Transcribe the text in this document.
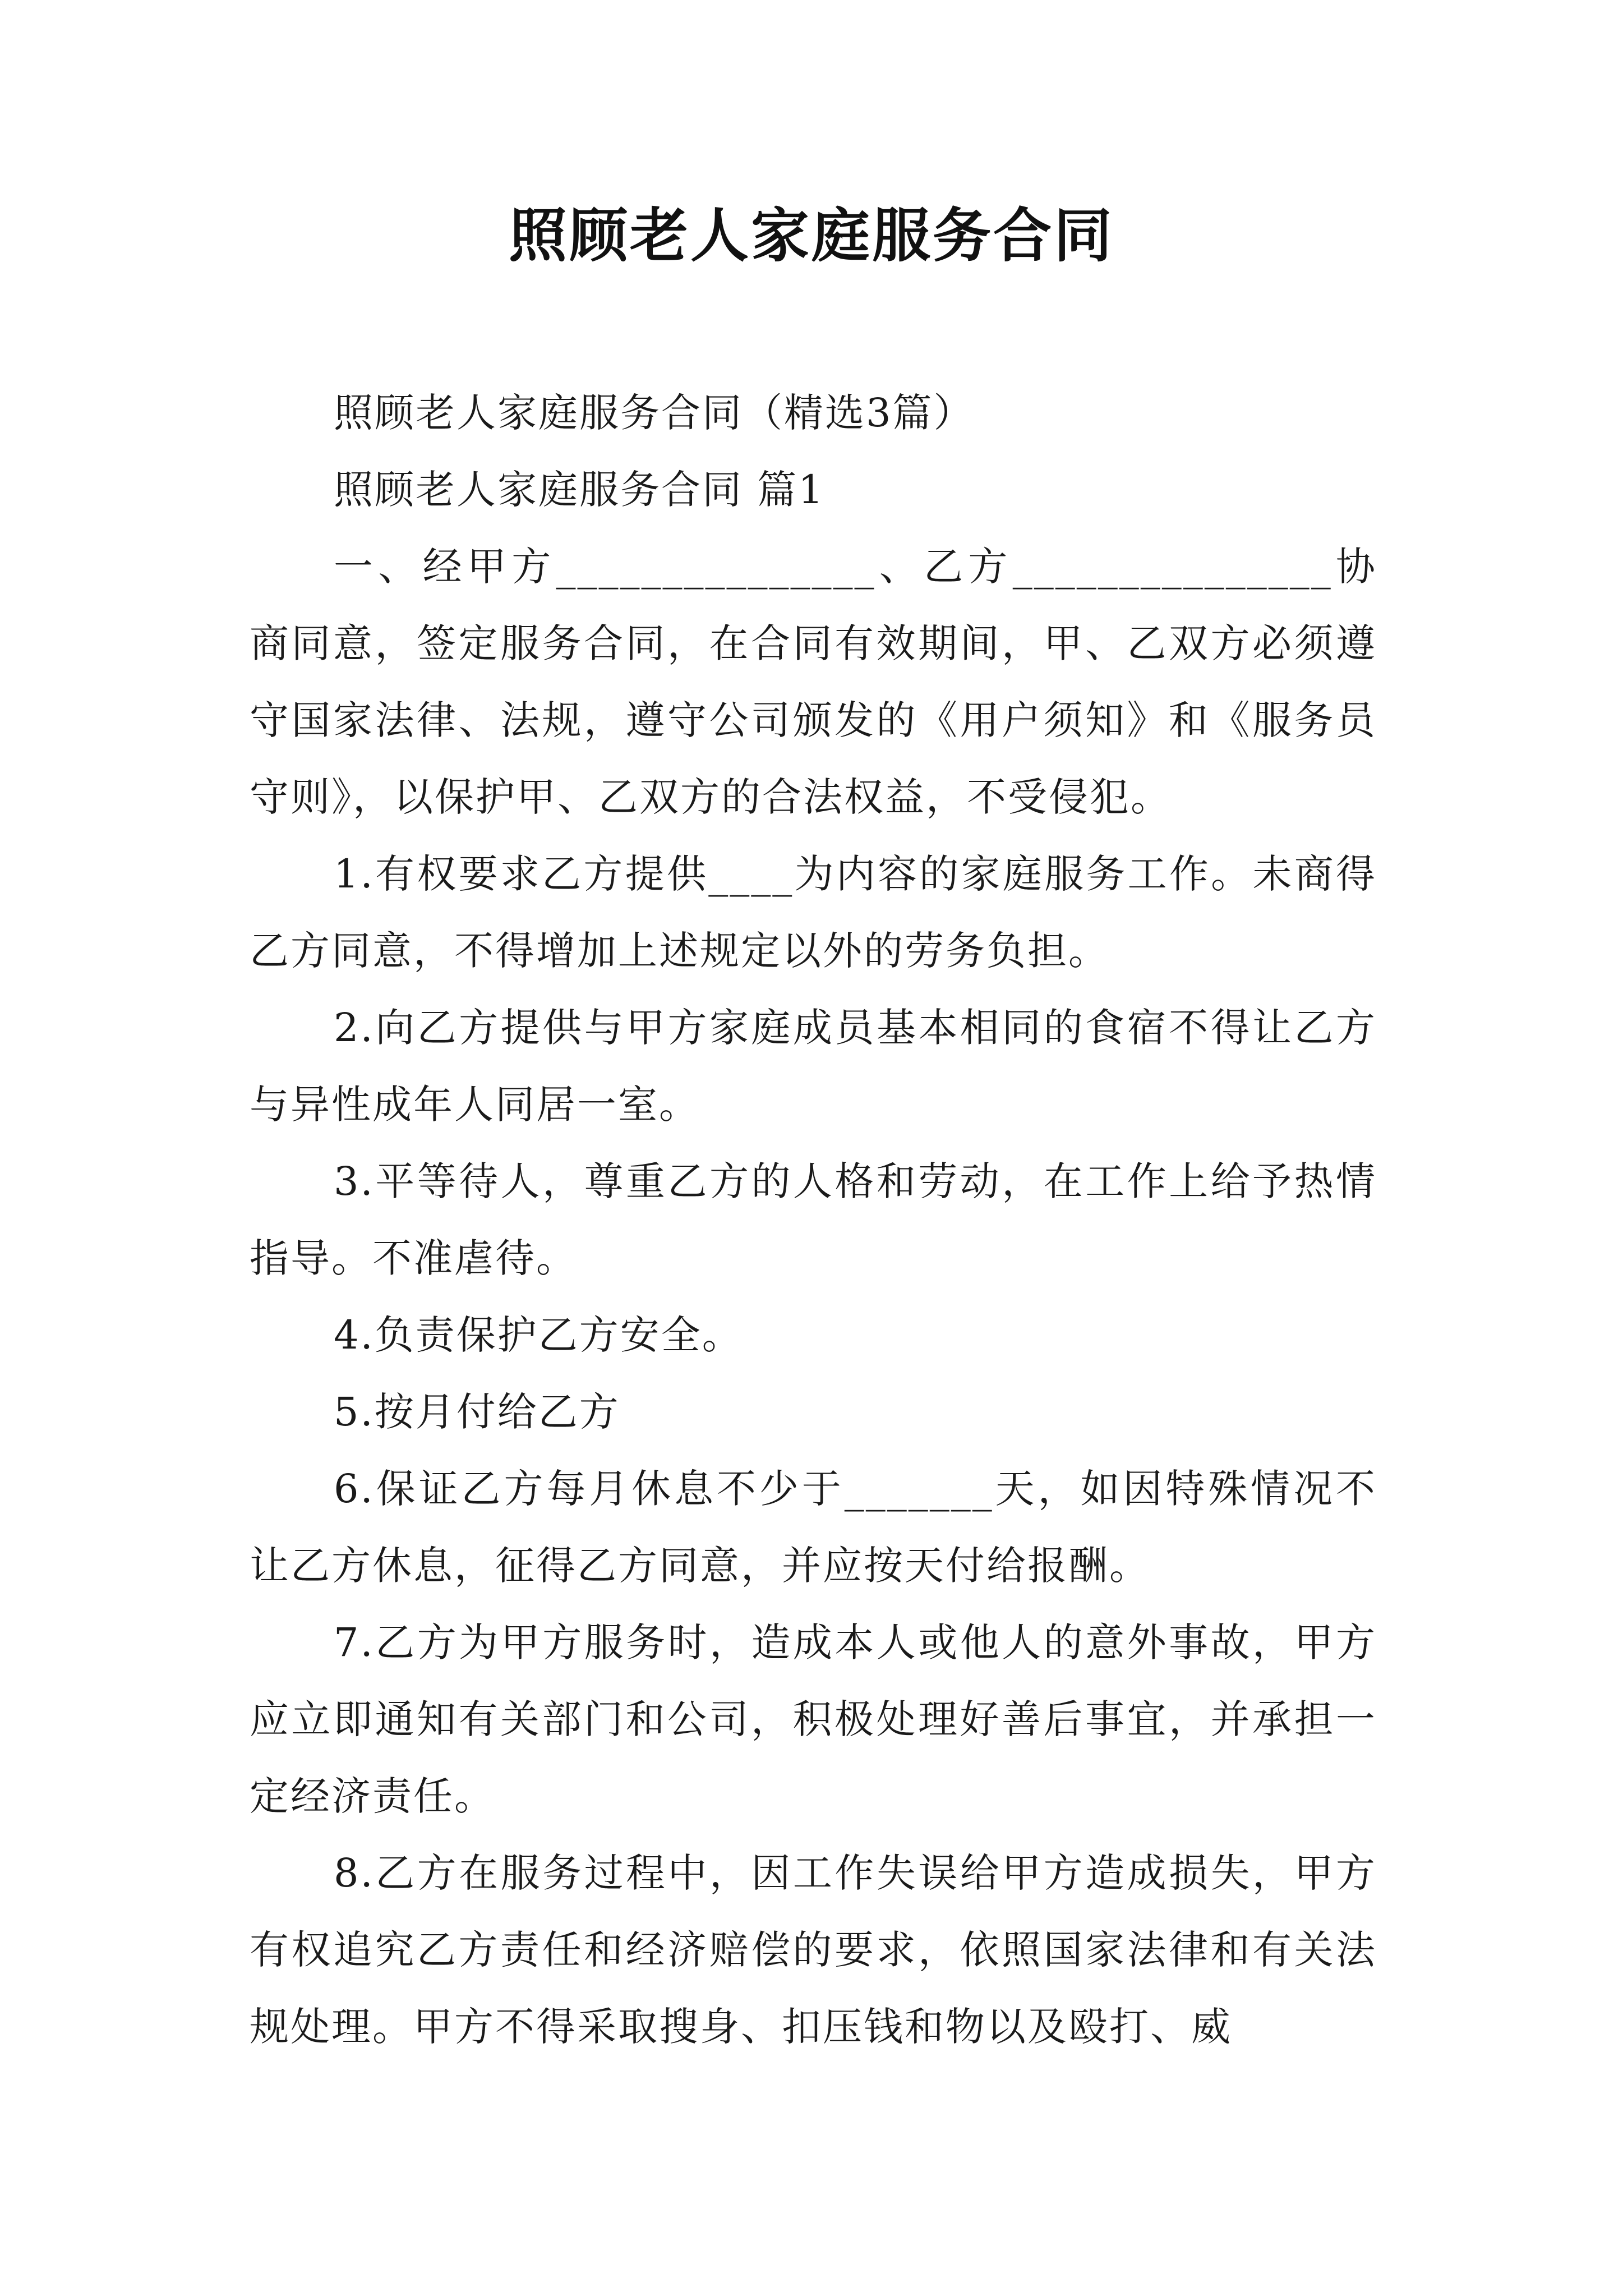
照顾老人家庭服务合同

照顾老人家庭服务合同（精选3篇）

照顾老人家庭服务合同 篇1

一、经甲方_______________、乙方_______________协商同意，签定服务合同，在合同有效期间，甲、乙双方必须遵守国家法律、法规，遵守公司颁发的《用户须知》和《服务员守则》，以保护甲、乙双方的合法权益，不受侵犯。

1.有权要求乙方提供____为内容的家庭服务工作。未商得乙方同意，不得增加上述规定以外的劳务负担。

2.向乙方提供与甲方家庭成员基本相同的食宿不得让乙方与异性成年人同居一室。

3.平等待人，尊重乙方的人格和劳动，在工作上给予热情指导。不准虐待。

4.负责保护乙方安全。

5.按月付给乙方

6.保证乙方每月休息不少于_______天，如因特殊情况不让乙方休息，征得乙方同意，并应按天付给报酬。

7.乙方为甲方服务时，造成本人或他人的意外事故，甲方应立即通知有关部门和公司，积极处理好善后事宜，并承担一定经济责任。

8.乙方在服务过程中，因工作失误给甲方造成损失，甲方有权追究乙方责任和经济赔偿的要求，依照国家法律和有关法规处理。甲方不得采取搜身、扣压钱和物以及殴打、威
